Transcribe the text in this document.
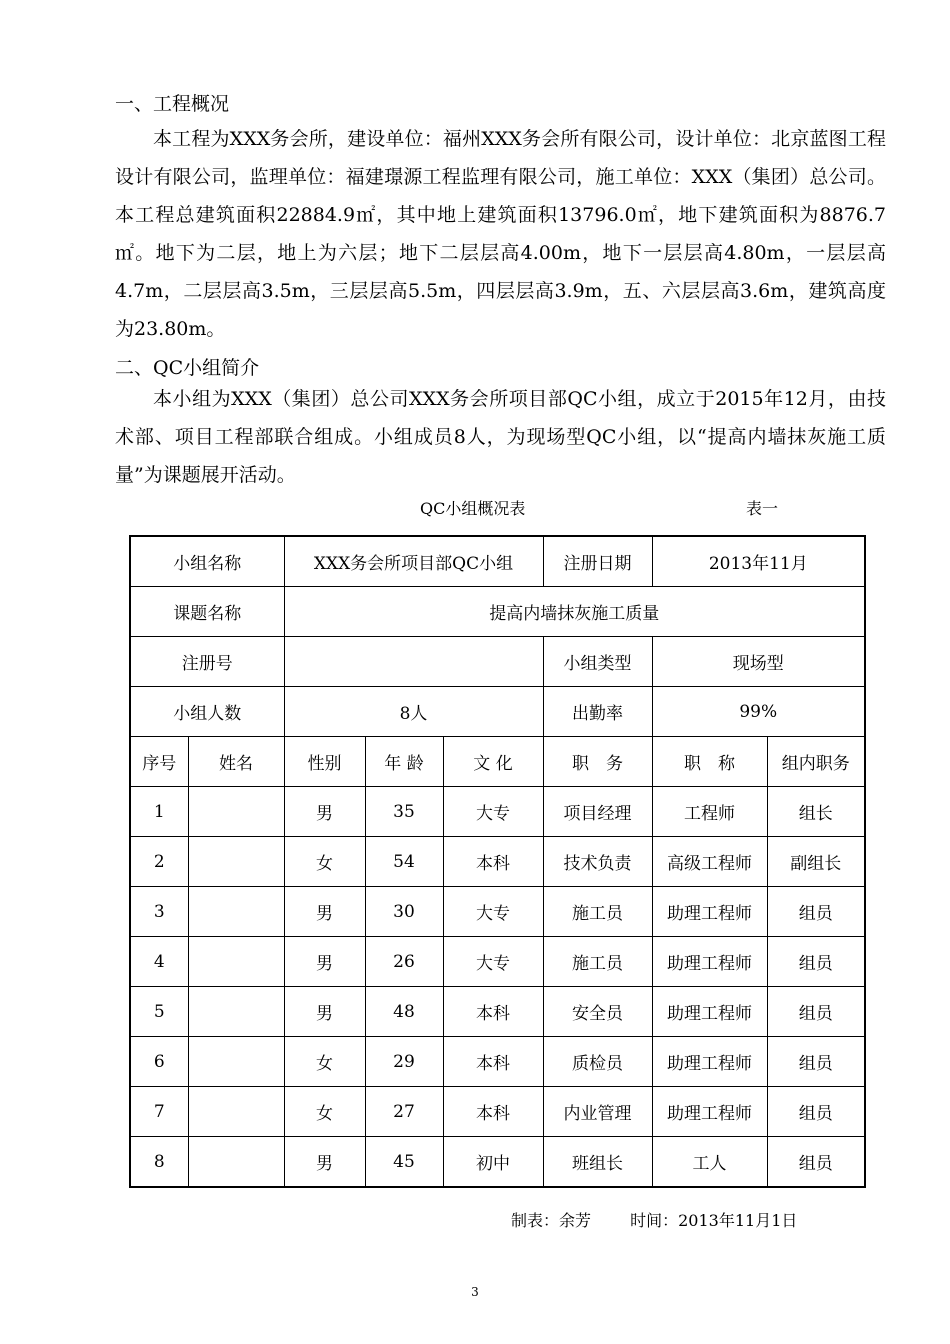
一、工程概况
本工程为XXX务会所，建设单位：福州XXX务会所有限公司，设计单位：北京蓝图工程设计有限公司，监理单位：福建璟源工程监理有限公司，施工单位：XXX（集团）总公司。本工程总建筑面积22884.9㎡，其中地上建筑面积13796.0㎡，地下建筑面积为8876.7㎡。地下为二层，地上为六层；地下二层层高4.00m，地下一层层高4.80m，一层层高4.7m，二层层高3.5m，三层层高5.5m，四层层高3.9m，五、六层层高3.6m，建筑高度为23.80m。
二、QC小组简介
本小组为XXX（集团）总公司XXX务会所项目部QC小组，成立于2015年12月，由技术部、项目工程部联合组成。小组成员8人，为现场型QC小组，以“提高内墙抹灰施工质量”为课题展开活动。
QC小组概况表	表一
小组名称		XXX务会所项目部QC小组			注册日期	2013年11月	
课题名称		提高内墙抹灰施工质量					
注册号					小组类型	现场型	
小组人数		8人			出勤率	99%	
序号	姓名	性别	年 龄	文 化	职　务	职　称	组内职务
1		男	35	大专	项目经理	工程师	组长
2		女	54	本科	技术负责	高级工程师	副组长
3		男	30	大专	施工员	助理工程师	组员
4		男	26	大专	施工员	助理工程师	组员
5		男	48	本科	安全员	助理工程师	组员
6		女	29	本科	质检员	助理工程师	组员
7		女	27	本科	内业管理	助理工程师	组员
8		男	45	初中	班组长	工人	组员
制表：余芳 时间：2013年11月1日
3
